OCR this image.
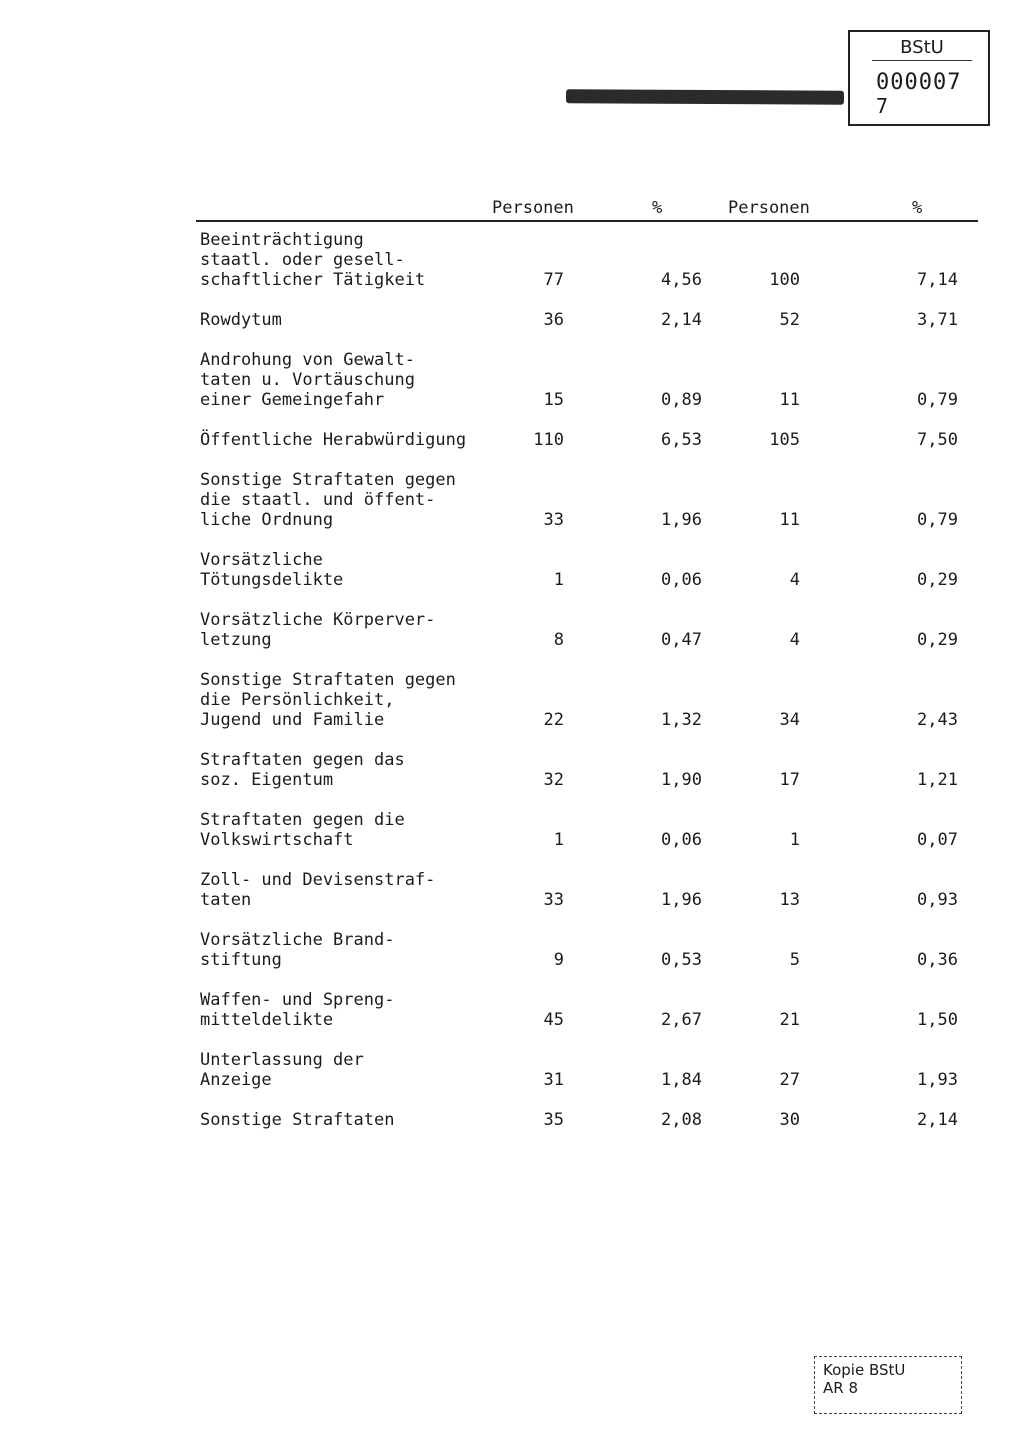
BStU
000007
7
Personen	%	Personen	%
Beeinträchtigung
staatl. oder gesell-
schaftlicher Tätigkeit	77	4,56	100	7,14
Rowdytum	36	2,14	52	3,71
Androhung von Gewalt-
taten u. Vortäuschung
einer Gemeingefahr	15	0,89	11	0,79
Öffentliche Herabwürdigung	110	6,53	105	7,50
Sonstige Straftaten gegen
die staatl. und öffent-
liche Ordnung	33	1,96	11	0,79
Vorsätzliche
Tötungsdelikte	1	0,06	4	0,29
Vorsätzliche Körperver-
letzung	8	0,47	4	0,29
Sonstige Straftaten gegen
die Persönlichkeit,
Jugend und Familie	22	1,32	34	2,43
Straftaten gegen das
soz. Eigentum	32	1,90	17	1,21
Straftaten gegen die
Volkswirtschaft	1	0,06	1	0,07
Zoll- und Devisenstraf-
taten	33	1,96	13	0,93
Vorsätzliche Brand-
stiftung	9	0,53	5	0,36
Waffen- und Spreng-
mitteldelikte	45	2,67	21	1,50
Unterlassung der
Anzeige	31	1,84	27	1,93
Sonstige Straftaten	35	2,08	30	2,14
Kopie BStU
AR 8
